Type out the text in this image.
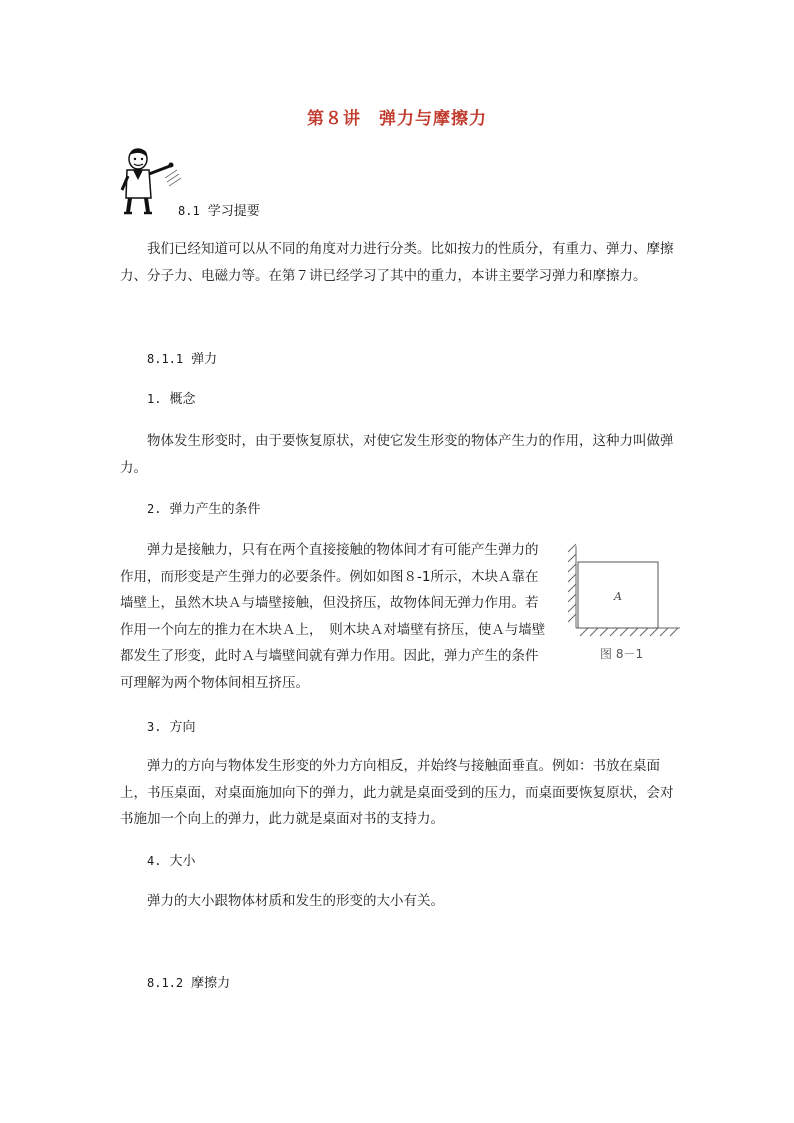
第８讲　弹力与摩擦力
8.1 学习提要

我们已经知道可以从不同的角度对力进行分类。比如按力的性质分，有重力、弹力、摩擦力、分子力、电磁力等。在第７讲已经学习了其中的重力，本讲主要学习弹力和摩擦力。

8.1.1 弹力
1. 概念

物体发生形变时，由于要恢复原状，对使它发生形变的物体产生力的作用，这种力叫做弹力。

2. 弹力产生的条件

弹力是接触力，只有在两个直接接触的物体间才有可能产生弹力的作用，而形变是产生弹力的必要条件。例如如图８-1所示，木块Ａ靠在墙壁上，虽然木块Ａ与墙壁接触，但没挤压，故物体间无弹力作用。若作用一个向左的推力在木块Ａ上，　则木块Ａ对墙壁有挤压，使Ａ与墙壁都发生了形变，此时Ａ与墙壁间就有弹力作用。因此，弹力产生的条件可理解为两个物体间相互挤压。

A
图 8－1
3. 方向

弹力的方向与物体发生形变的外力方向相反，并始终与接触面垂直。例如：书放在桌面上，书压桌面，对桌面施加向下的弹力，此力就是桌面受到的压力，而桌面要恢复原状，会对书施加一个向上的弹力，此力就是桌面对书的支持力。

4. 大小

弹力的大小跟物体材质和发生的形变的大小有关。

8.1.2 摩擦力
